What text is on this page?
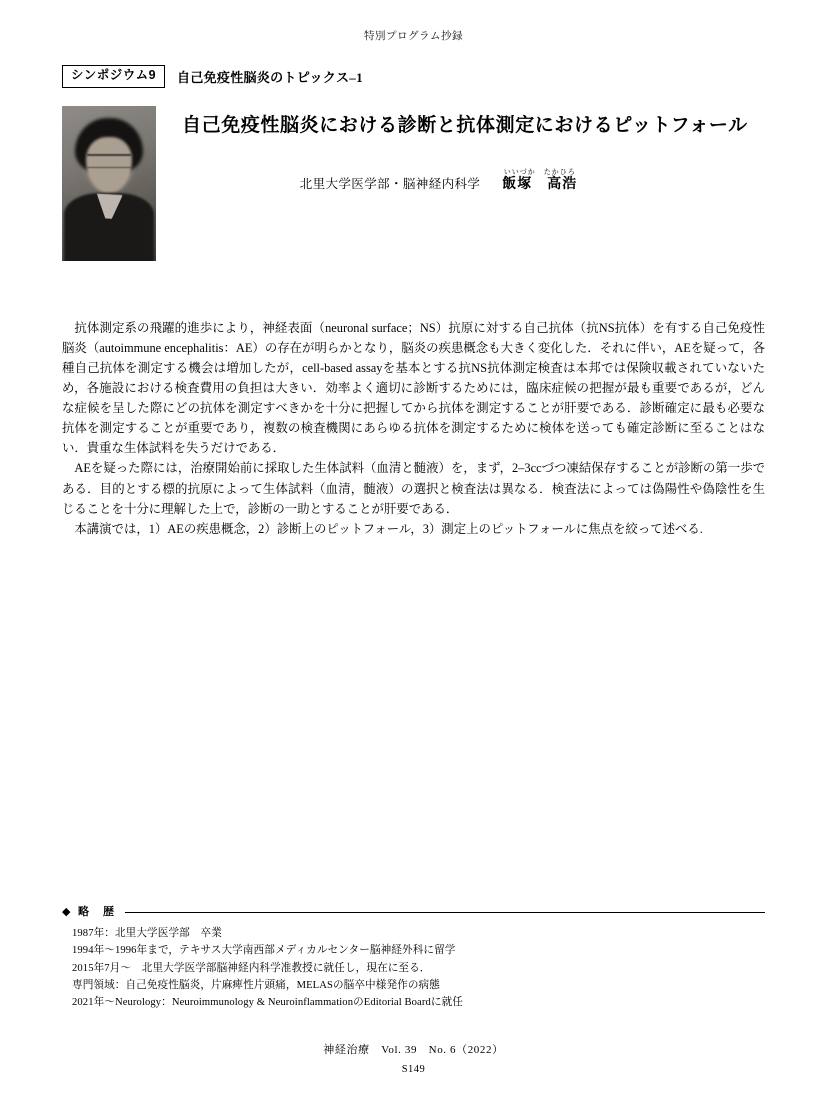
特別プログラム抄録
シンポジウム9	自己免疫性脳炎のトピックス–1
自己免疫性脳炎における診断と抗体測定におけるピットフォール
北里大学医学部・脳神経内科学
いいづか　たかひろ
飯塚　高浩

抗体測定系の飛躍的進歩により，神経表面（neuronal surface；NS）抗原に対する自己抗体（抗NS抗体）を有する自己免疫性脳炎（autoimmune encephalitis：AE）の存在が明らかとなり，脳炎の疾患概念も大きく変化した．それに伴い，AEを疑って，各種自己抗体を測定する機会は増加したが，cell-based assayを基本とする抗NS抗体測定検査は本邦では保険収載されていないため，各施設における検査費用の負担は大きい．効率よく適切に診断するためには，臨床症候の把握が最も重要であるが，どんな症候を呈した際にどの抗体を測定すべきかを十分に把握してから抗体を測定することが肝要である．診断確定に最も必要な抗体を測定することが重要であり，複数の検査機関にあらゆる抗体を測定するために検体を送っても確定診断に至ることはない．貴重な生体試料を失うだけである．

AEを疑った際には，治療開始前に採取した生体試料（血清と髄液）を，まず，2–3ccづつ凍結保存することが診断の第一歩である．目的とする標的抗原によって生体試料（血清，髄液）の選択と検査法は異なる．検査法によっては偽陽性や偽陰性を生じることを十分に理解した上で，診断の一助とすることが肝要である．

本講演では，1）AEの疾患概念，2）診断上のピットフォール，3）測定上のピットフォールに焦点を絞って述べる.

◆ 略　歴
1987年：北里大学医学部　卒業
1994年〜1996年まで，テキサス大学南西部メディカルセンター脳神経外科に留学
2015年7月〜　北里大学医学部脳神経内科学准教授に就任し，現在に至る．
専門領域：自己免疫性脳炎，片麻痺性片頭痛，MELASの脳卒中様発作の病態
2021年〜Neurology：Neuroimmunology & NeuroinflammationのEditorial Boardに就任
神経治療　Vol. 39　No. 6（2022）
S149
